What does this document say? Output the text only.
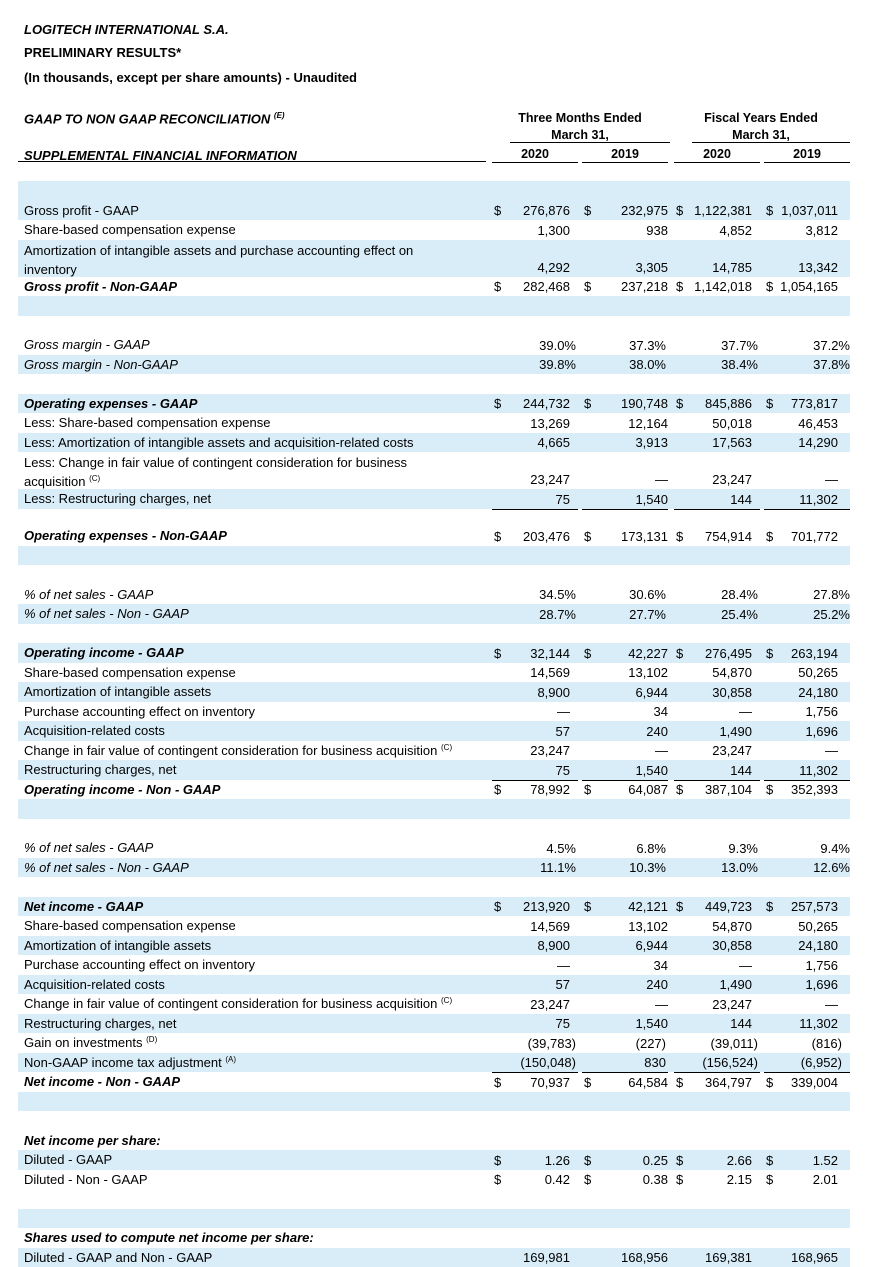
LOGITECH INTERNATIONAL S.A.
PRELIMINARY RESULTS*
(In thousands, except per share amounts) - Unaudited
GAAP TO NON GAAP RECONCILIATION $^{(E)}$
SUPPLEMENTAL FINANCIAL INFORMATION
Three Months Ended
March 31,
Fiscal Years Ended
March 31,
2020	2019	2020	2019
Gross profit - GAAP	$ 276,876 $ 232,975 $ 1,122,381 $ 1,037,011
Share-based compensation expense	1,300	938	4,852	3,812
Amortization of intangible assets and purchase accounting effect on
inventory	4,292	3,305	14,785	13,342
Gross profit - Non-GAAP	$ 282,468 $ 237,218 $ 1,142,018 $ 1,054,165
Gross margin - GAAP	39.0%	37.3%	37.7%	37.2%
Gross margin - Non-GAAP	39.8%	38.0%	38.4%	37.8%
Operating expenses - GAAP	$ 244,732 $ 190,748 $ 845,886 $ 773,817
Less: Share-based compensation expense	13,269	12,164	50,018	46,453
Less: Amortization of intangible assets and acquisition-related costs	4,665	3,913	17,563	14,290
Less: Change in fair value of contingent consideration for business
acquisition $^{(C)}$	23,247	—	23,247	—
Less: Restructuring charges, net	75	1,540	144	11,302
Operating expenses - Non-GAAP	$ 203,476 $ 173,131 $ 754,914 $ 701,772
% of net sales - GAAP	34.5%	30.6%	28.4%	27.8%
% of net sales - Non - GAAP	28.7%	27.7%	25.4%	25.2%
Operating income - GAAP	$ 32,144 $	42,227 $ 276,495 $ 263,194
Share-based compensation expense	14,569	13,102	54,870	50,265
Amortization of intangible assets	8,900	6,944	30,858	24,180
Purchase accounting effect on inventory	—	34	—	1,756
Acquisition-related costs	57	240	1,490	1,696
Change in fair value of contingent consideration for business acquisition $^{(C)}$	23,247	—	23,247	—
Restructuring charges, net	75	1,540	144	11,302
Operating income - Non - GAAP	$ 78,992 $	64,087 $ 387,104 $ 352,393
% of net sales - GAAP	4.5%	6.8%	9.3%	9.4%
% of net sales - Non - GAAP	11.1%	10.3%	13.0%	12.6%
Net income - GAAP	$ 213,920 $	42,121 $ 449,723 $ 257,573
Share-based compensation expense	14,569	13,102	54,870	50,265
Amortization of intangible assets	8,900	6,944	30,858	24,180
Purchase accounting effect on inventory	—	34	—	1,756
Acquisition-related costs	57	240	1,490	1,696
Change in fair value of contingent consideration for business acquisition $^{(C)}$	23,247	—	23,247	—
Restructuring charges, net	75	1,540	144	11,302
Gain on investments $^{(D)}$	(39,783)	(227)	(39,011)	(816)
Non-GAAP income tax adjustment $^{(A)}$	(150,048)	830	(156,524)	(6,952)
Net income - Non - GAAP	$ 70,937 $	64,584 $ 364,797 $ 339,004
Net income per share:
Diluted - GAAP	$	1.26 $	0.25 $	2.66 $	1.52
Diluted - Non - GAAP	$	0.42 $	0.38 $	2.15 $	2.01
Shares used to compute net income per share:
Diluted - GAAP and Non - GAAP	169,981	168,956	169,381	168,965
